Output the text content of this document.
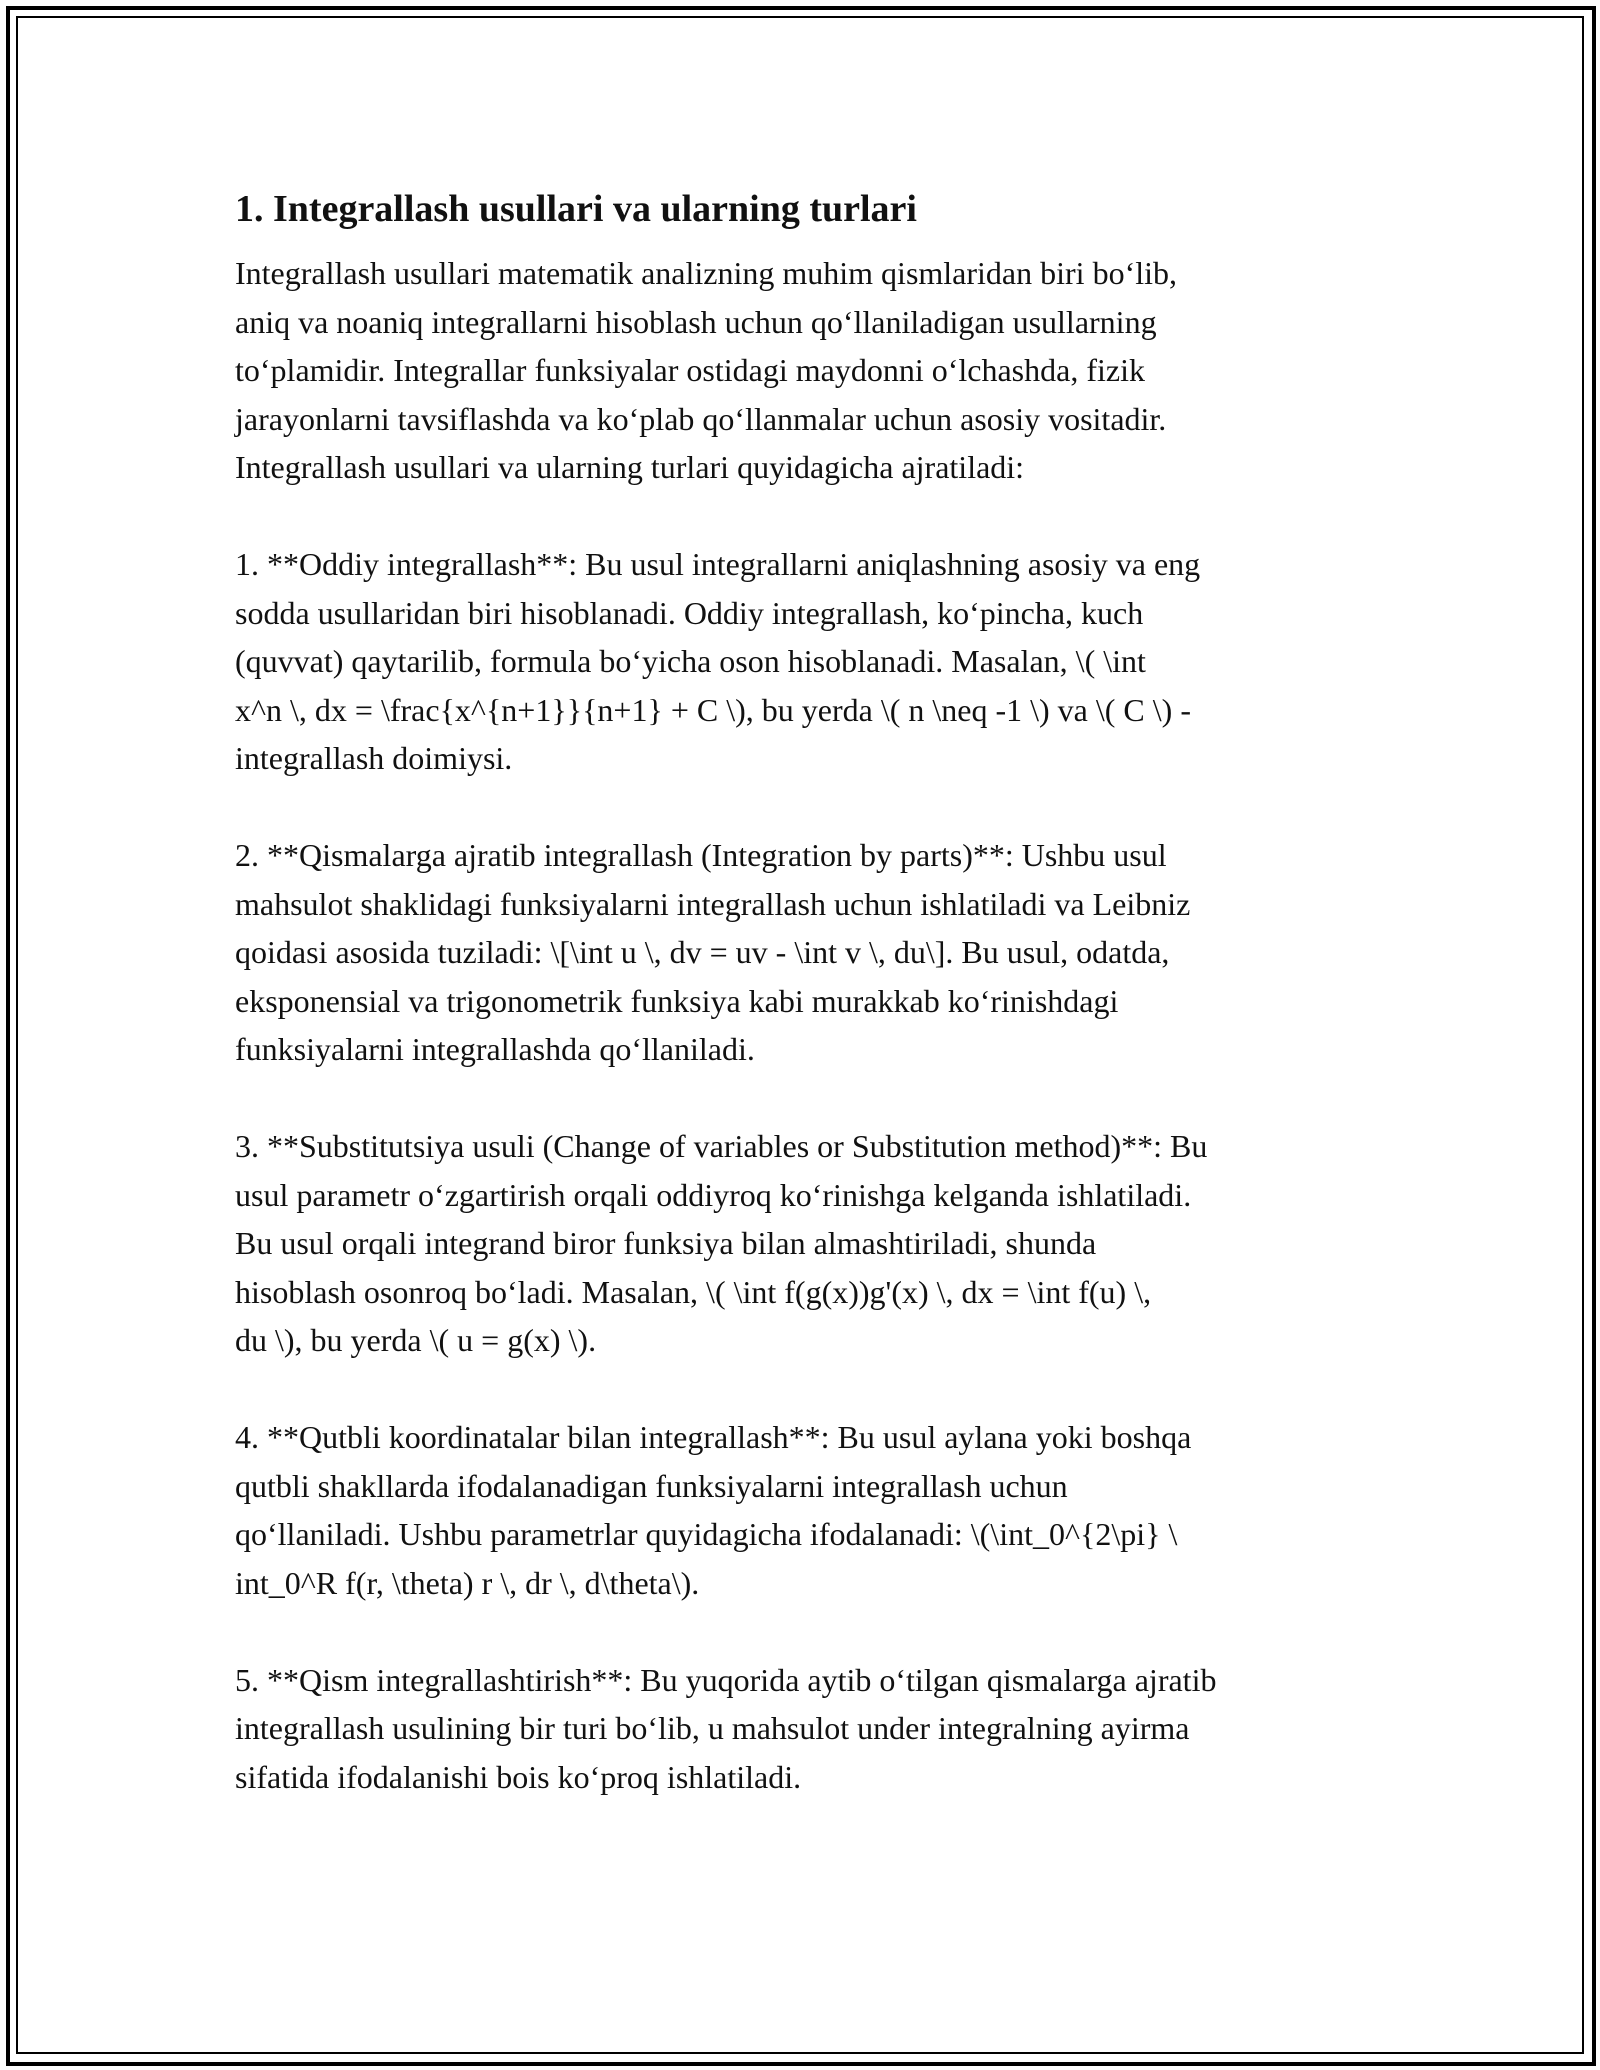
1. Integrallash usullari va ularning turlari

Integrallash usullari matematik analizning muhim qismlaridan biri bo‘lib,
aniq va noaniq integrallarni hisoblash uchun qo‘llaniladigan usullarning
to‘plamidir. Integrallar funksiyalar ostidagi maydonni o‘lchashda, fizik
jarayonlarni tavsiflashda va ko‘plab qo‘llanmalar uchun asosiy vositadir.
Integrallash usullari va ularning turlari quyidagicha ajratiladi:

1. **Oddiy integrallash**: Bu usul integrallarni aniqlashning asosiy va eng
sodda usullaridan biri hisoblanadi. Oddiy integrallash, ko‘pincha, kuch
(quvvat) qaytarilib, formula bo‘yicha oson hisoblanadi. Masalan, \( \int
x^n \, dx = \frac{x^{n+1}}{n+1} + C \), bu yerda \( n \neq -1 \) va \( C \) -
integrallash doimiysi.

2. **Qismalarga ajratib integrallash (Integration by parts)**: Ushbu usul
mahsulot shaklidagi funksiyalarni integrallash uchun ishlatiladi va Leibniz
qoidasi asosida tuziladi: \[\int u \, dv = uv - \int v \, du\]. Bu usul, odatda,
eksponensial va trigonometrik funksiya kabi murakkab ko‘rinishdagi
funksiyalarni integrallashda qo‘llaniladi.

3. **Substitutsiya usuli (Change of variables or Substitution method)**: Bu
usul parametr o‘zgartirish orqali oddiyroq ko‘rinishga kelganda ishlatiladi.
Bu usul orqali integrand biror funksiya bilan almashtiriladi, shunda
hisoblash osonroq bo‘ladi. Masalan, \( \int f(g(x))g'(x) \, dx = \int f(u) \,
du \), bu yerda \( u = g(x) \).

4. **Qutbli koordinatalar bilan integrallash**: Bu usul aylana yoki boshqa
qutbli shakllarda ifodalanadigan funksiyalarni integrallash uchun
qo‘llaniladi. Ushbu parametrlar quyidagicha ifodalanadi: \(\int_0^{2\pi} \
int_0^R f(r, \theta) r \, dr \, d\theta\).

5. **Qism integrallashtirish**: Bu yuqorida aytib o‘tilgan qismalarga ajratib
integrallash usulining bir turi bo‘lib, u mahsulot under integralning ayirma
sifatida ifodalanishi bois ko‘proq ishlatiladi.
